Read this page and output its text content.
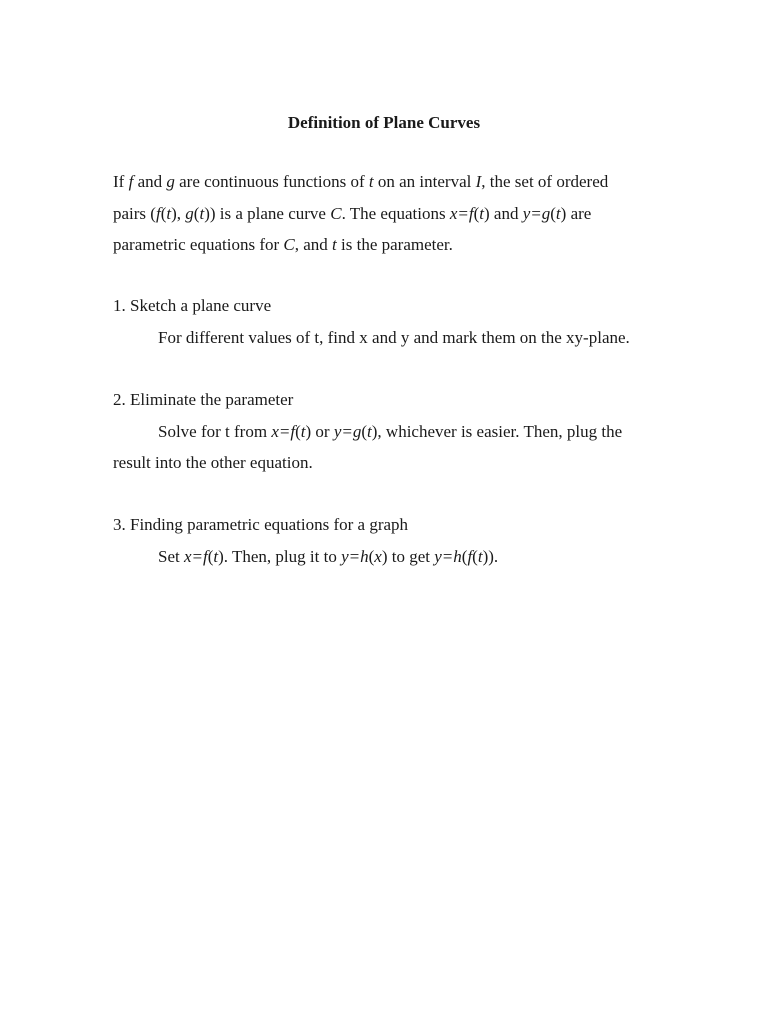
Definition of Plane Curves
If f and g are continuous functions of t on an interval I, the set of ordered
pairs (f(t), g(t)) is a plane curve C. The equations x=f(t) and y=g(t) are
parametric equations for C, and t is the parameter.
1 . Sketch a plane curve
For different values of t, find x and y and mark them on the xy-plane.
2 . Eliminate the parameter
Solve for t from x=f(t) or y=g(t), whichever is easier. Then, plug the
result into the other equation.
3 . Finding parametric equations for a graph
Set x=f(t). Then, plug it to y=h(x) to get y=h(f(t)).
